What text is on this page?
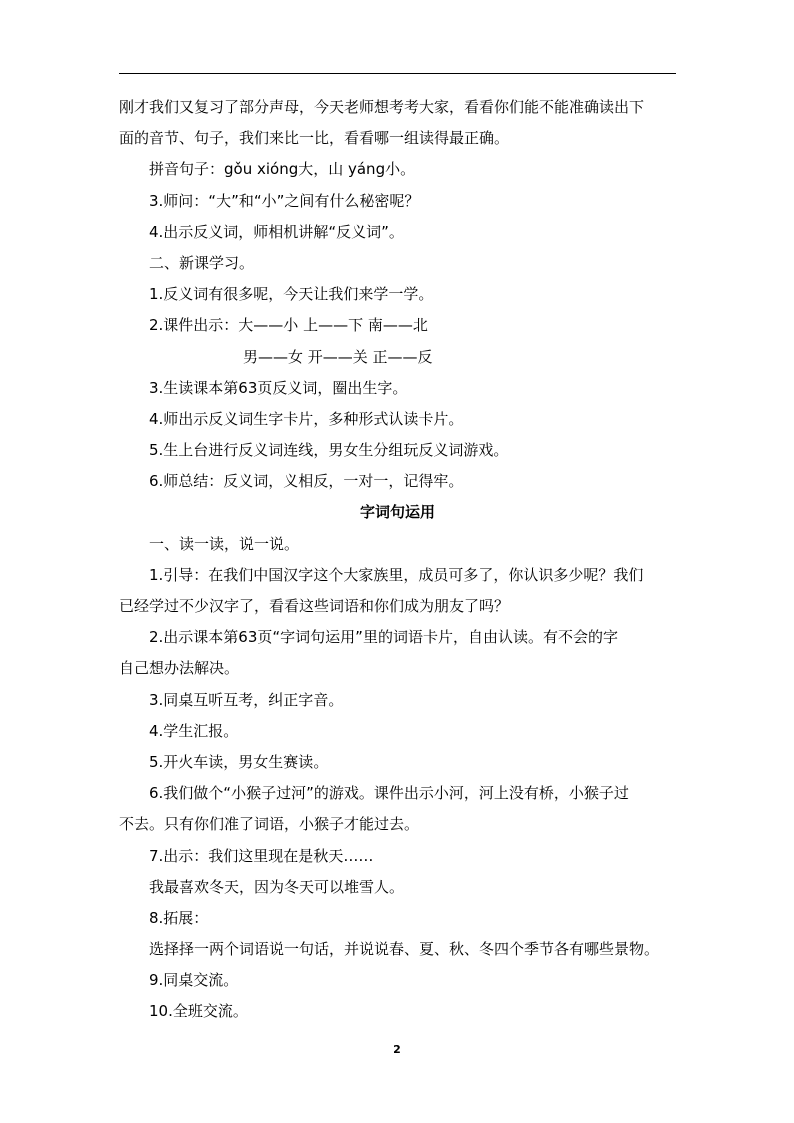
刚才我们又复习了部分声母，今天老师想考考大家，看看你们能不能准确读出下
面的音节、句子，我们来比一比，看看哪一组读得最正确。
拼音句子：gǒu xióng大，山 yáng小。
3.师问：“大”和“小”之间有什么秘密呢？
4.出示反义词，师相机讲解“反义词”。
二、新课学习。
1.反义词有很多呢，今天让我们来学一学。
2.课件出示：大——小 上——下 南——北
男——女 开——关 正——反
3.生读课本第63页反义词，圈出生字。
4.师出示反义词生字卡片，多种形式认读卡片。
5.生上台进行反义词连线，男女生分组玩反义词游戏。
6.师总结：反义词，义相反，一对一，记得牢。
字词句运用
一、读一读，说一说。
1.引导：在我们中国汉字这个大家族里，成员可多了，你认识多少呢？我们
已经学过不少汉字了，看看这些词语和你们成为朋友了吗？
2.出示课本第63页“字词句运用”里的词语卡片，自由认读。有不会的字
自己想办法解决。
3.同桌互听互考，纠正字音。
4.学生汇报。
5.开火车读，男女生赛读。
6.我们做个“小猴子过河”的游戏。课件出示小河，河上没有桥，小猴子过
不去。只有你们准了词语，小猴子才能过去。
7.出示：我们这里现在是秋天……
我最喜欢冬天，因为冬天可以堆雪人。
8.拓展：
选择择一两个词语说一句话，并说说春、夏、秋、冬四个季节各有哪些景物。
9.同桌交流。
10.全班交流。
2
